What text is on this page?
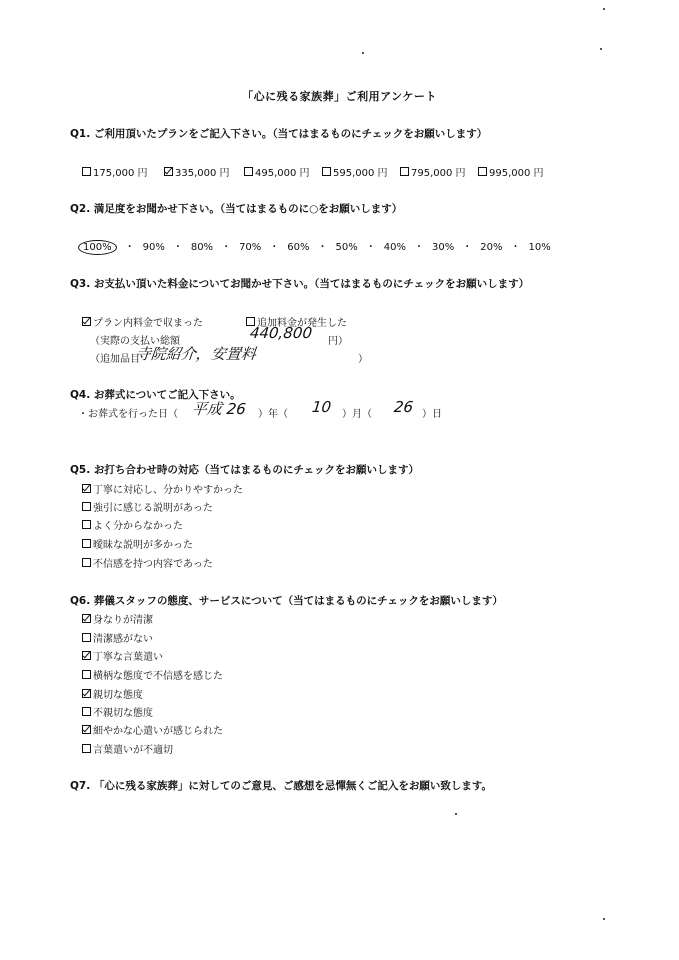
「心に残る家族葬」ご利用アンケート
Q1. ご利用頂いたプランをご記入下さい。（当てはまるものにチェックをお願いします）
175,000 円	335,000 円	495,000 円 595,000 円 795,000 円 995,000 円
Q2. 満足度をお聞かせ下さい。（当てはまるものに○をお願いします）
100% ・ 90% ・ 80% ・ 70% ・ 60% ・ 50% ・ 40% ・ 30% ・ 20% ・ 10%
Q3. お支払い頂いた料金についてお聞かせ下さい。（当てはまるものにチェックをお願いします）
プラン内料金で収まった	追加料金が発生した
（実際の支払い総額	440,800 円）
（追加品目
寺院紹介，安置料	）
Q4. お葬式についてご記入下さい。
・お葬式を行った日（ 平成 26 ）年（ 10 ）月（ 26 ）日
Q5. お打ち合わせ時の対応（当てはまるものにチェックをお願いします）
丁寧に対応し、分かりやすかった
強引に感じる説明があった
よく分からなかった
曖昧な説明が多かった
不信感を持つ内容であった
Q6. 葬儀スタッフの態度、サービスについて（当てはまるものにチェックをお願いします）
身なりが清潔
清潔感がない
丁寧な言葉遣い
横柄な態度で不信感を感じた
親切な態度
不親切な態度
細やかな心遣いが感じられた
言葉遣いが不適切
Q7. 「心に残る家族葬」に対してのご意見、ご感想を忌憚無くご記入をお願い致します。
